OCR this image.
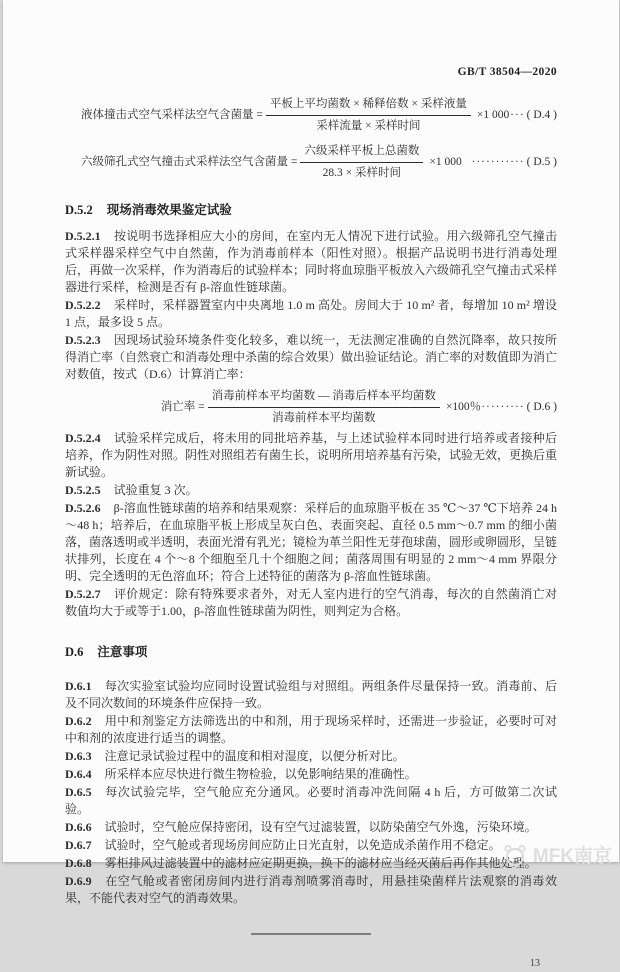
GB/T 38504—2020
液体撞击式空气采样法空气含菌量 = $\frac{\text{平板上平均菌数 × 稀释倍数 × 采样液量}}{\text{采样流量 × 采样时间}} \times 1$ 000 ··· ( D.4 )
六级筛孔式空气撞击式采样法空气含菌量 = $\frac{\text{六级采样平板上总菌数}}{\text{28.3 × 采样时间}} \times 1$ 000 ··········· ( D.5 )
D.5.2 现场消毒效果鉴定试验

D.5.2.1 按说明书选择相应大小的房间，在室内无人情况下进行试验。用六级筛孔空气撞击式采样器采样空气中自然菌，作为消毒前样本（阳性对照）。根据产品说明书进行消毒处理后，再做一次采样，作为消毒后的试验样本；同时将血琼脂平板放入六级筛孔空气撞击式采样器进行采样，检测是否有 β-溶血性链球菌。

D.5.2.2 采样时，采样器置室内中央离地 1.0 m 高处。房间大于 10 m² 者，每增加 10 m² 增设 1 点，最多设 5 点。

D.5.2.3 因现场试验环境条件变化较多，难以统一，无法测定准确的自然沉降率，故只按所得消亡率（自然衰亡和消毒处理中杀菌的综合效果）做出验证结论。消亡率的对数值即为消亡对数值，按式（D.6）计算消亡率：

消亡率 = $\frac{\text{消毒前样本平均菌数 — 消毒后样本平均菌数}}{\text{消毒前样本平均菌数}} \times 100$％ ········· ( D.6 )

D.5.2.4 试验采样完成后，将未用的同批培养基，与上述试验样本同时进行培养或者接种后培养，作为阴性对照。阴性对照组若有菌生长，说明所用培养基有污染，试验无效，更换后重新试验。

D.5.2.5 试验重复 3 次。

D.5.2.6 β-溶血性链球菌的培养和结果观察：采样后的血琼脂平板在 35 ℃～37 ℃下培养 24 h～48 h；培养后，在血琼脂平板上形成呈灰白色、表面突起、直径 0.5 mm～0.7 mm 的细小菌落，菌落透明或半透明，表面光滑有乳光；镜检为革兰阳性无芽孢球菌，圆形或卵圆形，呈链状排列，长度在 4 个～8 个细胞至几十个细胞之间；菌落周围有明显的 2 mm～4 mm 界限分明、完全透明的无色溶血环；符合上述特征的菌落为 β-溶血性链球菌。

D.5.2.7 评价规定：除有特殊要求者外，对无人室内进行的空气消毒，每次的自然菌消亡对数值均大于或等于1.00，β-溶血性链球菌为阴性，则判定为合格。

D.6 注意事项

D.6.1 每次实验室试验均应同时设置试验组与对照组。两组条件尽量保持一致。消毒前、后及不同次数间的环境条件应保持一致。

D.6.2 用中和剂鉴定方法筛选出的中和剂，用于现场采样时，还需进一步验证，必要时可对中和剂的浓度进行适当的调整。

D.6.3 注意记录试验过程中的温度和相对湿度，以便分析对比。

D.6.4 所采样本应尽快进行微生物检验，以免影响结果的准确性。

D.6.5 每次试验完毕，空气舱应充分通风。必要时消毒冲洗间隔 4 h 后，方可做第二次试验。

D.6.6 试验时，空气舱应保持密闭，设有空气过滤装置，以防染菌空气外逸，污染环境。

D.6.7 试验时，空气舱或者现场房间应防止日光直射，以免造成杀菌作用不稳定。

D.6.8 雾柜排风过滤装置中的滤材应定期更换，换下的滤材应当经灭菌后再作其他处理。

D.6.9 在空气舱或者密闭房间内进行消毒剂喷雾消毒时，用悬挂染菌样片法观察的消毒效果，不能代表对空气的消毒效果。

13
MFK南京
